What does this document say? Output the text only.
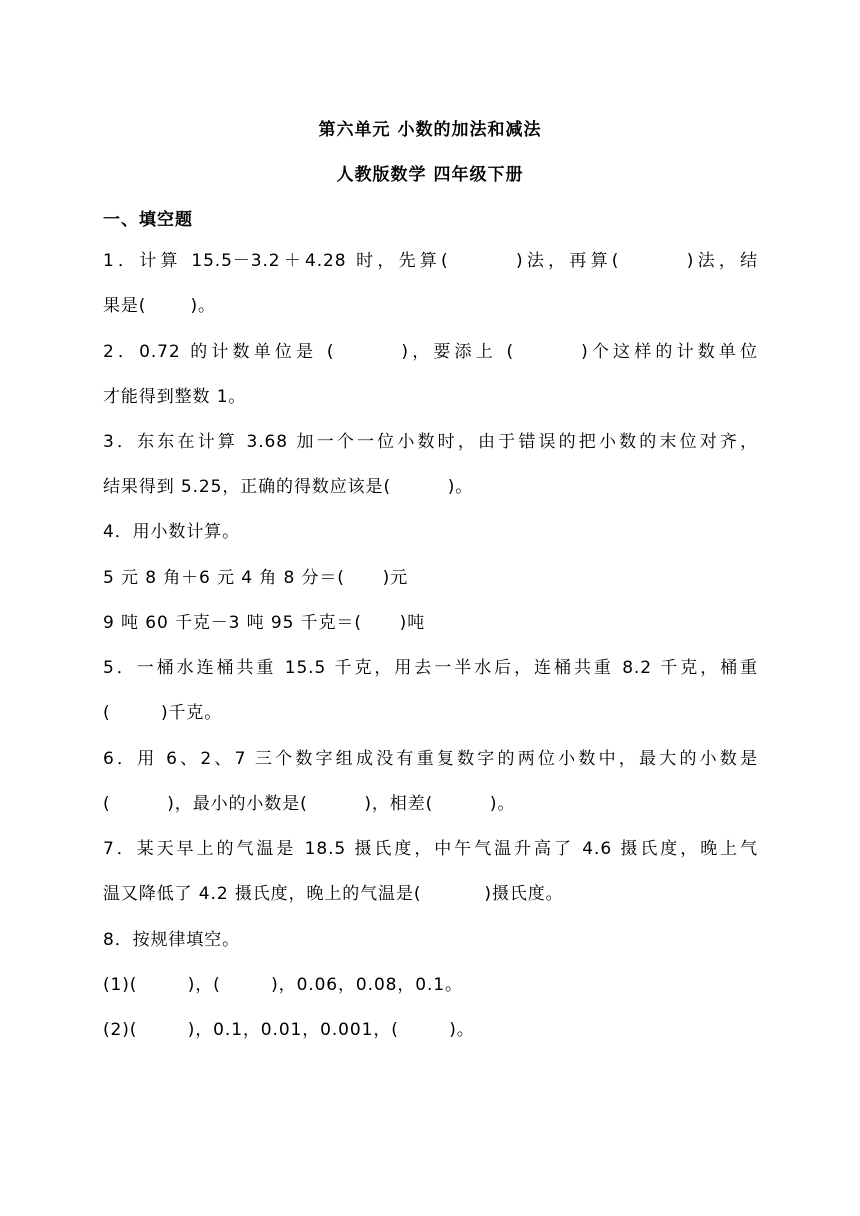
第六单元 小数的加法和减法
人教版数学 四年级下册
一、填空题
1．计算 15.5－3.2＋4.28 时，先算(       )法，再算(       )法，结
果是(       )。
2．0.72 的计数单位是 (       )，要添上 (       )个这样的计数单位
才能得到整数 1。
3．东东在计算 3.68 加一个一位小数时，由于错误的把小数的末位对齐，
结果得到 5.25，正确的得数应该是(         )。
4．用小数计算。
5 元 8 角＋6 元 4 角 8 分＝(      )元
9 吨 60 千克－3 吨 95 千克＝(      )吨
5．一桶水连桶共重 15.5 千克，用去一半水后，连桶共重 8.2 千克，桶重
(        )千克。
6．用 6、2、7 三个数字组成没有重复数字的两位小数中，最大的小数是
(         )，最小的小数是(         )，相差(         )。
7．某天早上的气温是 18.5 摄氏度，中午气温升高了 4.6 摄氏度，晚上气
温又降低了 4.2 摄氏度，晚上的气温是(          )摄氏度。
8．按规律填空。
(1)(        )，(        )，0.06，0.08，0.1。
(2)(        )，0.1，0.01，0.001，(        )。
